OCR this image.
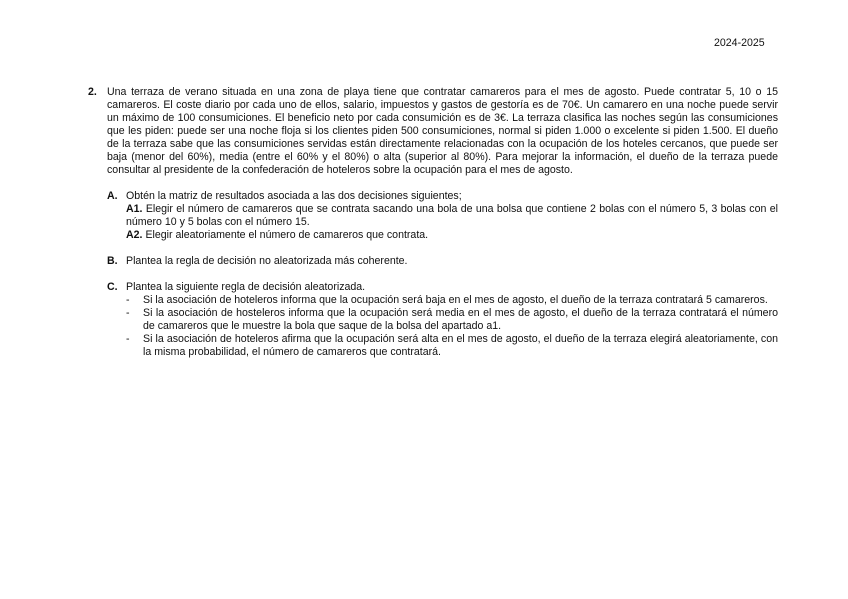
2024-2025
2. Una terraza de verano situada en una zona de playa tiene que contratar camareros para el mes de agosto. Puede contratar 5, 10 o 15 camareros. El coste diario por cada uno de ellos, salario, impuestos y gastos de gestoría es de 70€. Un camarero en una noche puede servir un máximo de 100 consumiciones. El beneficio neto por cada consumición es de 3€. La terraza clasifica las noches según las consumiciones que les piden: puede ser una noche floja si los clientes piden 500 consumiciones, normal si piden 1.000 o excelente si piden 1.500. El dueño de la terraza sabe que las consumiciones servidas están directamente relacionadas con la ocupación de los hoteles cercanos, que puede ser baja (menor del 60%), media (entre el 60% y el 80%) o alta (superior al 80%). Para mejorar la información, el dueño de la terraza puede consultar al presidente de la confederación de hoteleros sobre la ocupación para el mes de agosto.
A. Obtén la matriz de resultados asociada a las dos decisiones siguientes;
A1. Elegir el número de camareros que se contrata sacando una bola de una bolsa que contiene 2 bolas con el número 5, 3 bolas con el número 10 y 5 bolas con el número 15.
A2. Elegir aleatoriamente el número de camareros que contrata.
B. Plantea la regla de decisión no aleatorizada más coherente.
C. Plantea la siguiente regla de decisión aleatorizada.
- Si la asociación de hoteleros informa que la ocupación será baja en el mes de agosto, el dueño de la terraza contratará 5 camareros.
- Si la asociación de hosteleros informa que la ocupación será media en el mes de agosto, el dueño de la terraza contratará el número de camareros que le muestre la bola que saque de la bolsa del apartado a1.
- Si la asociación de hoteleros afirma que la ocupación será alta en el mes de agosto, el dueño de la terraza elegirá aleatoriamente, con la misma probabilidad, el número de camareros que contratará.
